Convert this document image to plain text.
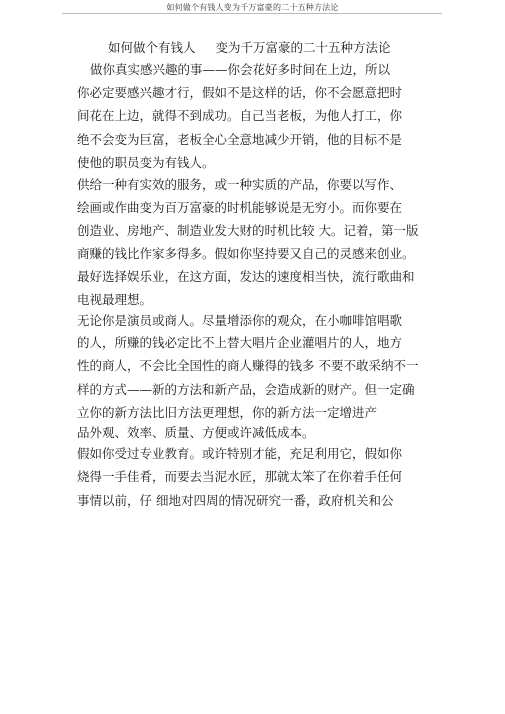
如何做个有钱人变为千万富豪的二十五种方法论
如何做个有钱人 变为千万富豪的二十五种方法论
做你真实感兴趣的事——你会花好多时间在上边，所以
你必定要感兴趣才行，假如不是这样的话，你不会愿意把时
间花在上边，就得不到成功。自己当老板，为他人打工，你
绝不会变为巨富，老板全心全意地减少开销，他的目标不是
使他的职员变为有钱人。
供给一种有实效的服务，或一种实质的产品，你要以写作、
绘画或作曲变为百万富豪的时机能够说是无穷小。而你要在
创造业、房地产、制造业发大财的时机比较 大。记着，第一版
商赚的钱比作家多得多。假如你坚持要又自己的灵感来创业。
最好选择娱乐业，在这方面，发达的速度相当快，流行歌曲和
电视最理想。
无论你是演员或商人。尽量增添你的观众，在小咖啡馆唱歌
的人，所赚的钱必定比不上替大唱片企业灌唱片的人，地方
性的商人，不会比全国性的商人赚得的钱多 不要不敢采纳不一
样的方式——新的方法和新产品，会造成新的财产。但一定确
立你的新方法比旧方法更理想，你的新方法一定增进产
品外观、效率、质量、方便或许减低成本。
假如你受过专业教育。或许特别才能，充足利用它，假如你
烧得一手佳肴，而要去当泥水匠，那就太笨了在你着手任何
事情以前，仔 细地对四周的情况研究一番，政府机关和公
